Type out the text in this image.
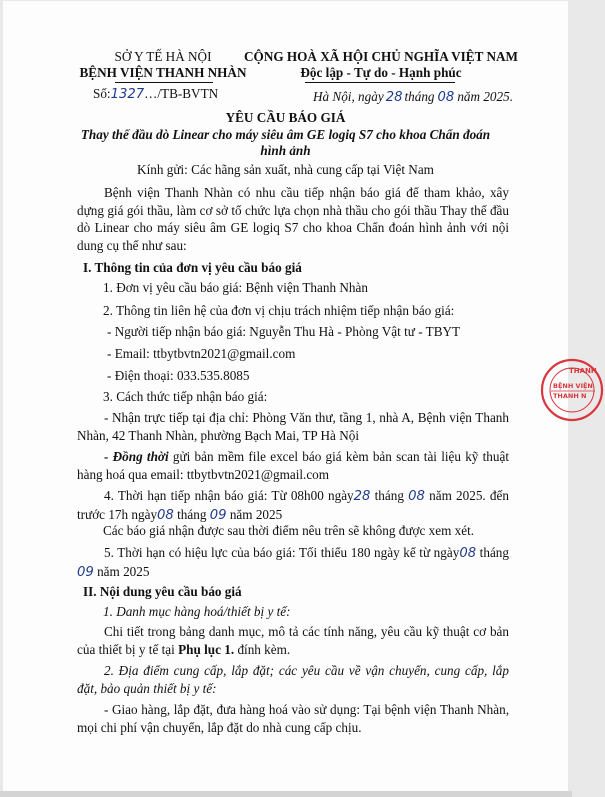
SỞ Y TẾ HÀ NỘI
BỆNH VIỆN THANH NHÀN
Số:1327…/TB-BVTN
CỘNG HOÀ XÃ HỘI CHỦ NGHĨA VIỆT NAM
Độc lập - Tự do - Hạnh phúc
Hà Nội, ngày 28 tháng 08 năm 2025.
YÊU CẦU BÁO GIÁ
Thay thế đầu dò Linear cho máy siêu âm GE logiq S7 cho khoa Chẩn đoán
hình ảnh
Kính gửi: Các hãng sản xuất, nhà cung cấp tại Việt Nam
Bệnh viện Thanh Nhàn có nhu cầu tiếp nhận báo giá để tham khảo, xây dựng giá gói thầu, làm cơ sở tổ chức lựa chọn nhà thầu cho gói thầu Thay thế đầu dò Linear cho máy siêu âm GE logiq S7 cho khoa Chẩn đoán hình ảnh với nội dung cụ thể như sau:
I. Thông tin của đơn vị yêu cầu báo giá
1. Đơn vị yêu cầu báo giá: Bệnh viện Thanh Nhàn
2. Thông tin liên hệ của đơn vị chịu trách nhiệm tiếp nhận báo giá:
- Người tiếp nhận báo giá: Nguyễn Thu Hà - Phòng Vật tư - TBYT
- Email: ttbytbvtn2021@gmail.com
- Điện thoại: 033.535.8085
3. Cách thức tiếp nhận báo giá:
- Nhận trực tiếp tại địa chỉ: Phòng Văn thư, tầng 1, nhà A, Bệnh viện Thanh Nhàn, 42 Thanh Nhàn, phường Bạch Mai, TP Hà Nội
- Đồng thời gửi bản mềm file excel báo giá kèm bản scan tài liệu kỹ thuật hàng hoá qua email: ttbytbvtn2021@gmail.com
4. Thời hạn tiếp nhận báo giá: Từ 08h00 ngày28 tháng 08 năm 2025. đến trước 17h ngày08 tháng 09 năm 2025
Các báo giá nhận được sau thời điểm nêu trên sẽ không được xem xét.
5. Thời hạn có hiệu lực của báo giá: Tối thiểu 180 ngày kể từ ngày08 tháng 09 năm 2025
II. Nội dung yêu cầu báo giá
1. Danh mục hàng hoá/thiết bị y tế:
Chi tiết trong bảng danh mục, mô tả các tính năng, yêu cầu kỹ thuật cơ bản của thiết bị y tế tại Phụ lục 1. đính kèm.
2. Địa điểm cung cấp, lắp đặt; các yêu cầu về vận chuyển, cung cấp, lắp đặt, bảo quản thiết bị y tế:
- Giao hàng, lắp đặt, đưa hàng hoá vào sử dụng: Tại bệnh viện Thanh Nhàn, mọi chi phí vận chuyển, lắp đặt do nhà cung cấp chịu.
THANH
BỆNH VIỆN
THANH N
